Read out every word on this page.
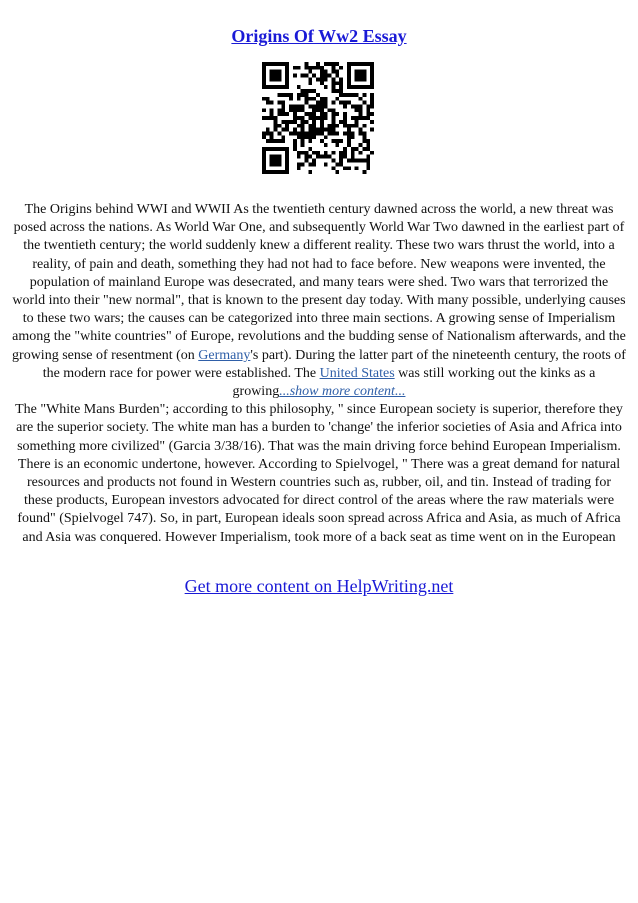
Origins Of Ww2 Essay

The Origins behind WWI and WWII As the twentieth century dawned across the world, a new threat was posed across the nations. As World War One, and subsequently World War Two dawned in the earliest part of the twentieth century; the world suddenly knew a different reality. These two wars thrust the world, into a reality, of pain and death, something they had not had to face before. New weapons were invented, the population of mainland Europe was desecrated, and many tears were shed. Two wars that terrorized the world into their "new normal", that is known to the present day today. With many possible, underlying causes to these two wars; the causes can be categorized into three main sections. A growing sense of Imperialism among the "white countries" of Europe, revolutions and the budding sense of Nationalism afterwards, and the growing sense of resentment (on Germany's part). During the latter part of the nineteenth century, the roots of the modern race for power were established. The United States was still working out the kinks as a growing...show more content...

The "White Mans Burden"; according to this philosophy, " since European society is superior, therefore they are the superior society. The white man has a burden to 'change' the inferior societies of Asia and Africa into something more civilized" (Garcia 3/38/16). That was the main driving force behind European Imperialism. There is an economic undertone, however. According to Spielvogel, " There was a great demand for natural resources and products not found in Western countries such as, rubber, oil, and tin. Instead of trading for these products, European investors advocated for direct control of the areas where the raw materials were found" (Spielvogel 747). So, in part, European ideals soon spread across Africa and Asia, as much of Africa and Asia was conquered. However Imperialism, took more of a back seat as time went on in the European

Get more content on HelpWriting.net
